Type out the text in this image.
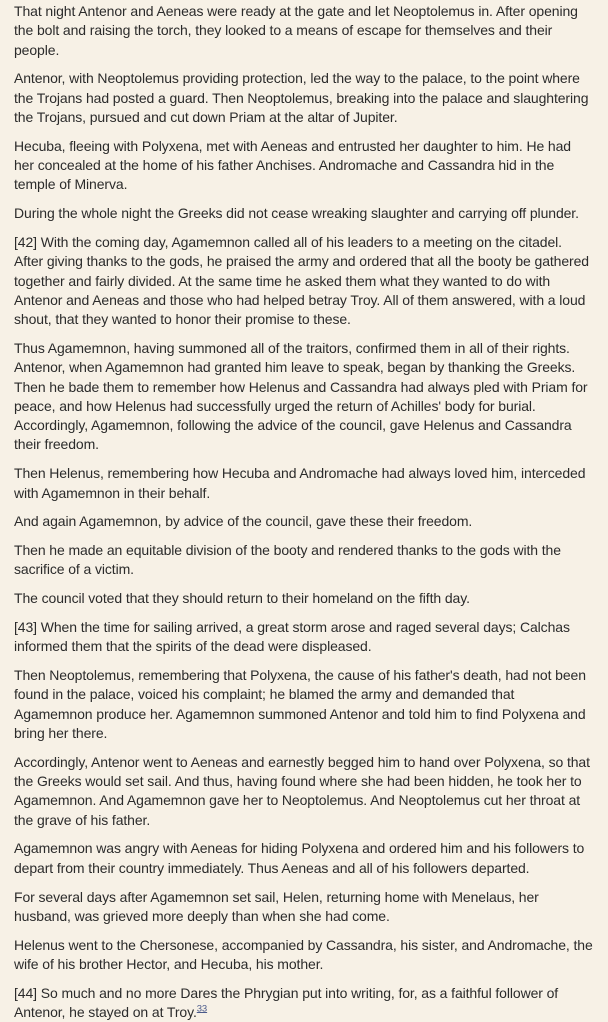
That night Antenor and Aeneas were ready at the gate and let Neoptolemus in. After opening the bolt and raising the torch, they looked to a means of escape for themselves and their people.

Antenor, with Neoptolemus providing protection, led the way to the palace, to the point where the Trojans had posted a guard. Then Neoptolemus, breaking into the palace and slaughtering the Trojans, pursued and cut down Priam at the altar of Jupiter.

Hecuba, fleeing with Polyxena, met with Aeneas and entrusted her daughter to him. He had her concealed at the home of his father Anchises. Andromache and Cassandra hid in the temple of Minerva.

During the whole night the Greeks did not cease wreaking slaughter and carrying off plunder.

[42] With the coming day, Agamemnon called all of his leaders to a meeting on the citadel. After giving thanks to the gods, he praised the army and ordered that all the booty be gathered together and fairly divided. At the same time he asked them what they wanted to do with Antenor and Aeneas and those who had helped betray Troy. All of them answered, with a loud shout, that they wanted to honor their promise to these.

Thus Agamemnon, having summoned all of the traitors, confirmed them in all of their rights. Antenor, when Agamemnon had granted him leave to speak, began by thanking the Greeks. Then he bade them to remember how Helenus and Cassandra had always pled with Priam for peace, and how Helenus had successfully urged the return of Achilles' body for burial. Accordingly, Agamemnon, following the advice of the council, gave Helenus and Cassandra their freedom.

Then Helenus, remembering how Hecuba and Andromache had always loved him, interceded with Agamemnon in their behalf.

And again Agamemnon, by advice of the council, gave these their freedom.

Then he made an equitable division of the booty and rendered thanks to the gods with the sacrifice of a victim.

The council voted that they should return to their homeland on the fifth day.

[43] When the time for sailing arrived, a great storm arose and raged several days; Calchas informed them that the spirits of the dead were displeased.

Then Neoptolemus, remembering that Polyxena, the cause of his father's death, had not been found in the palace, voiced his complaint; he blamed the army and demanded that Agamemnon produce her. Agamemnon summoned Antenor and told him to find Polyxena and bring her there.

Accordingly, Antenor went to Aeneas and earnestly begged him to hand over Polyxena, so that the Greeks would set sail. And thus, having found where she had been hidden, he took her to Agamemnon. And Agamemnon gave her to Neoptolemus. And Neoptolemus cut her throat at the grave of his father.

Agamemnon was angry with Aeneas for hiding Polyxena and ordered him and his followers to depart from their country immediately. Thus Aeneas and all of his followers departed.

For several days after Agamemnon set sail, Helen, returning home with Menelaus, her husband, was grieved more deeply than when she had come.

Helenus went to the Chersonese, accompanied by Cassandra, his sister, and Andromache, the wife of his brother Hector, and Hecuba, his mother.

[44] So much and no more Dares the Phrygian put into writing, for, as a faithful follower of Antenor, he stayed on at Troy.$^{33}$
